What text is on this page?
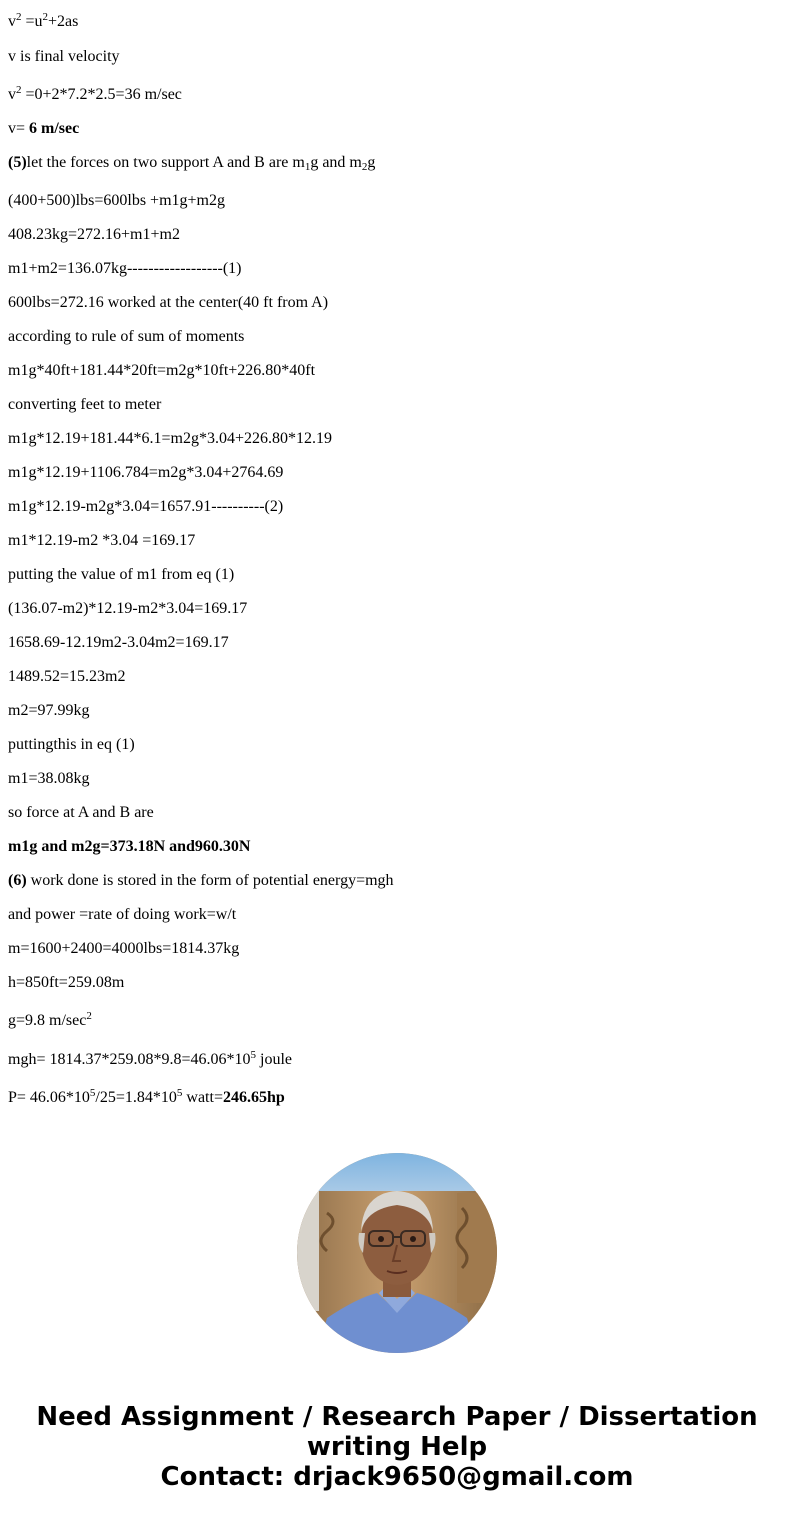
$v^2 =u^2+2as$
v is final velocity
$v^2 =0+2*7.2*2.5=36$ m/sec
v= 6 m/sec
(5)let the forces on two support A and B are $m_1g$ and $m_2g$
(400+500)lbs=600lbs +m1g+m2g
408.23kg=272.16+m1+m2
m1+m2=136.07kg------------------(1)
600lbs=272.16 worked at the center(40 ft from A)
according to rule of sum of moments
m1g*40ft+181.44*20ft=m2g*10ft+226.80*40ft
converting feet to meter
m1g*12.19+181.44*6.1=m2g*3.04+226.80*12.19
m1g*12.19+1106.784=m2g*3.04+2764.69
m1g*12.19-m2g*3.04=1657.91----------(2)
m1*12.19-m2 *3.04 =169.17
putting the value of m1 from eq (1)
(136.07-m2)*12.19-m2*3.04=169.17
1658.69-12.19m2-3.04m2=169.17
1489.52=15.23m2
m2=97.99kg
puttingthis in eq (1)
m1=38.08kg
so force at A and B are
m1g and m2g=373.18N and960.30N
(6) work done is stored in the form of potential energy=mgh
and power =rate of doing work=w/t
m=1600+2400=4000lbs=1814.37kg
h=850ft=259.08m
g=9.8 $m/\sec^2$
$mgh= 1814.37*259.08*9.8=46.06*10^5$ joule
$P= 46.06*10^5/25=1.84*10^5$ watt=246.65hp
Need Assignment / Research Paper / Dissertation
writing Help
Contact: drjack9650@gmail.com
